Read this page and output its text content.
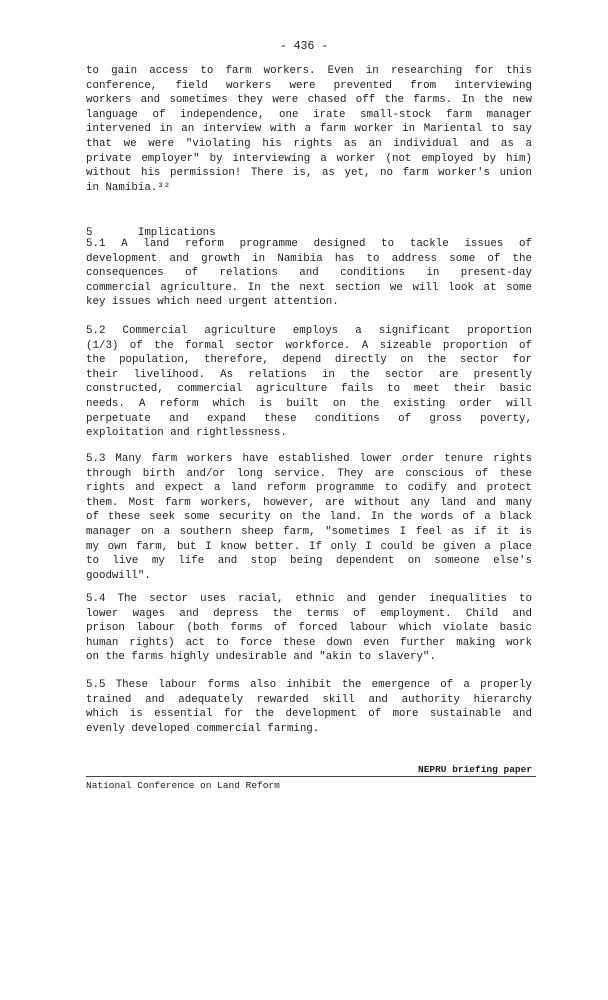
- 436 -

to gain access to farm workers. Even in researching for this
conference, field workers were prevented from interviewing
workers and sometimes they were chased off the farms. In the new
language of independence, one irate small-stock farm manager
intervened in an interview with a farm worker in Mariental to say
that we were "violating his rights as an individual and as a
private employer" by interviewing a worker (not employed by him)
without his permission! There is, as yet, no farm worker's union
in Namibia.³²

5	Implications

5.1 A land reform programme designed to tackle issues of
development and growth in Namibia has to address some of the
consequences of relations and conditions in present-day
commercial agriculture. In the next section we will look at some
key issues which need urgent attention.

5.2 Commercial agriculture employs a significant proportion
(1/3) of the formal sector workforce. A sizeable proportion of
the population, therefore, depend directly on the sector for
their livelihood. As relations in the sector are presently
constructed, commercial agriculture fails to meet their basic
needs. A reform which is built on the existing order will
perpetuate and expand these conditions of gross poverty,
exploitation and rightlessness.

5.3 Many farm workers have established lower order tenure rights
through birth and/or long service. They are conscious of these
rights and expect a land reform programme to codify and protect
them. Most farm workers, however, are without any land and many
of these seek some security on the land. In the words of a black
manager on a southern sheep farm, "sometimes I feel as if it is
my own farm, but I know better. If only I could be given a place
to live my life and stop being dependent on someone else's
goodwill".

5.4 The sector uses racial, ethnic and gender inequalities to
lower wages and depress the terms of employment. Child and
prison labour (both forms of forced labour which violate basic
human rights) act to force these down even further making work
on the farms highly undesirable and "akin to slavery".

5.5 These labour forms also inhibit the emergence of a properly
trained and adequately rewarded skill and authority hierarchy
which is essential for the development of more sustainable and
evenly developed commercial farming.

NEPRU briefing paper
National Conference on Land Reform
